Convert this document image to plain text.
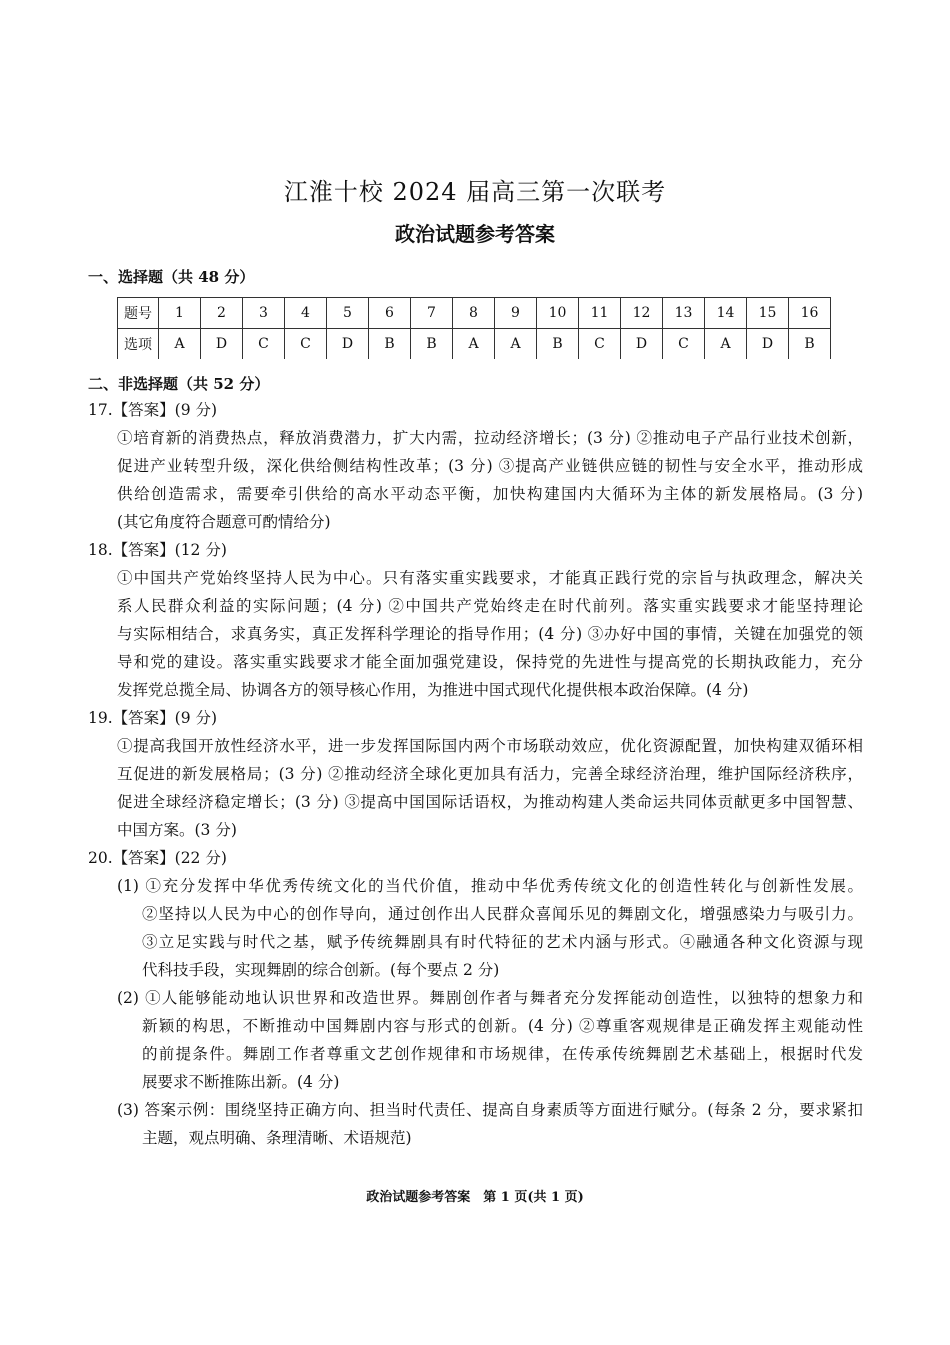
江淮十校 2024 届高三第一次联考
政治试题参考答案
一、选择题（共 48 分）
题号	1	2	3	4	5	6	7	8	9	10	11	12	13	14	15	16
选项	A	D	C	C	D	B	B	A	A	B	C	D	C	A	D	B
二、非选择题（共 52 分）
17.【答案】(9 分)
①培育新的消费热点，释放消费潜力，扩大内需，拉动经济增长；(3 分) ②推动电子产品行业技术创新，
促进产业转型升级，深化供给侧结构性改革；(3 分) ③提高产业链供应链的韧性与安全水平，推动形成
供给创造需求，需要牵引供给的高水平动态平衡，加快构建国内大循环为主体的新发展格局。(3 分)
(其它角度符合题意可酌情给分)
18.【答案】(12 分)
①中国共产党始终坚持人民为中心。只有落实重实践要求，才能真正践行党的宗旨与执政理念，解决关
系人民群众利益的实际问题；(4 分) ②中国共产党始终走在时代前列。落实重实践要求才能坚持理论
与实际相结合，求真务实，真正发挥科学理论的指导作用；(4 分) ③办好中国的事情，关键在加强党的领
导和党的建设。落实重实践要求才能全面加强党建设，保持党的先进性与提高党的长期执政能力，充分
发挥党总揽全局、协调各方的领导核心作用，为推进中国式现代化提供根本政治保障。(4 分)
19.【答案】(9 分)
①提高我国开放性经济水平，进一步发挥国际国内两个市场联动效应，优化资源配置，加快构建双循环相
互促进的新发展格局；(3 分) ②推动经济全球化更加具有活力，完善全球经济治理，维护国际经济秩序，
促进全球经济稳定增长；(3 分) ③提高中国国际话语权，为推动构建人类命运共同体贡献更多中国智慧、
中国方案。(3 分)
20.【答案】(22 分)
(1) ①充分发挥中华优秀传统文化的当代价值，推动中华优秀传统文化的创造性转化与创新性发展。
②坚持以人民为中心的创作导向，通过创作出人民群众喜闻乐见的舞剧文化，增强感染力与吸引力。
③立足实践与时代之基，赋予传统舞剧具有时代特征的艺术内涵与形式。④融通各种文化资源与现
代科技手段，实现舞剧的综合创新。(每个要点 2 分)
(2) ①人能够能动地认识世界和改造世界。舞剧创作者与舞者充分发挥能动创造性，以独特的想象力和
新颖的构思，不断推动中国舞剧内容与形式的创新。(4 分) ②尊重客观规律是正确发挥主观能动性
的前提条件。舞剧工作者尊重文艺创作规律和市场规律，在传承传统舞剧艺术基础上，根据时代发
展要求不断推陈出新。(4 分)
(3) 答案示例：围绕坚持正确方向、担当时代责任、提高自身素质等方面进行赋分。(每条 2 分，要求紧扣
主题，观点明确、条理清晰、术语规范)
政治试题参考答案　第 1 页(共 1 页)
